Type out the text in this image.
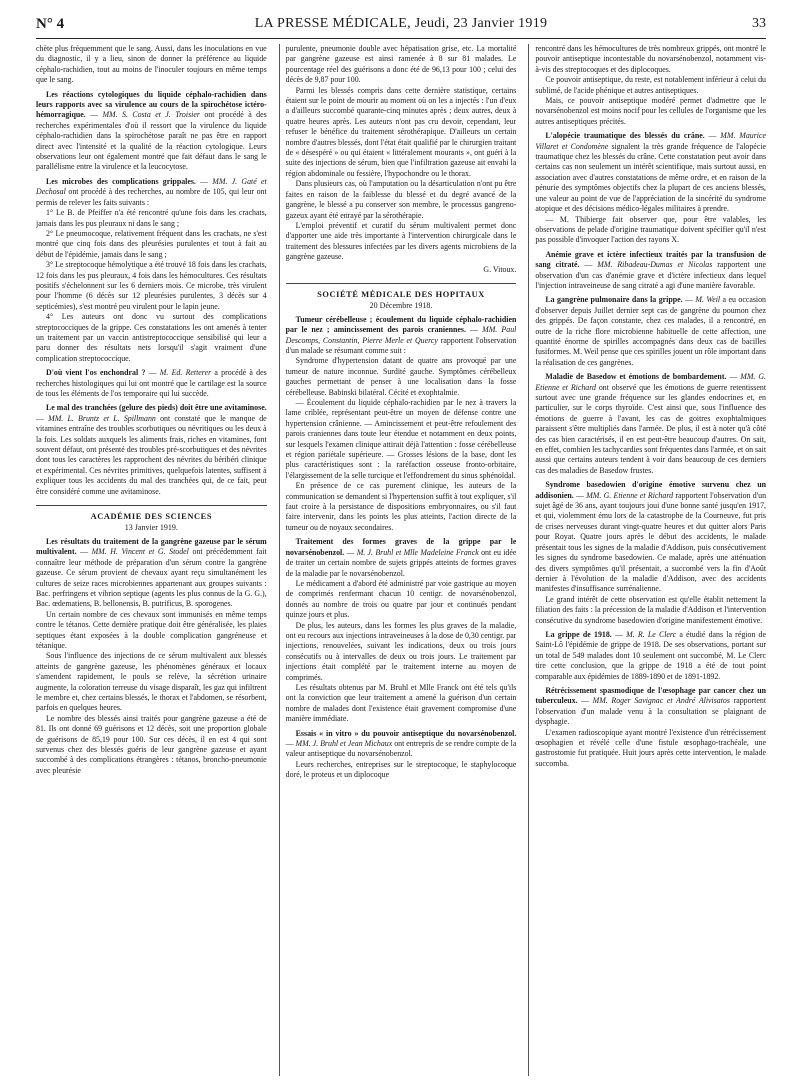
N° 4	LA PRESSE MÉDICALE, Jeudi, 23 Janvier 1919	33

chète plus fréquemment que le sang. Aussi, dans les inoculations en vue du diagnostic, il y a lieu, sinon de donner la préférence au liquide céphalo-rachidien, tout au moins de l'inoculer toujours en même temps que le sang.

Les réactions cytologiques du liquide céphalo-rachidien dans leurs rapports avec sa virulence au cours de la spirochétose ictéro-hémorragique. — MM. S. Costa et J. Troisier ont procédé à des recherches expérimentales d'où il ressort que la virulence du liquide céphalo-rachidien dans la spirochétose paraît ne pas être en rapport direct avec l'intensité et la qualité de la réaction cytologique. Leurs observations leur ont également montré que fait défaut dans le sang le parallélisme entre la virulence et la leucocytose.

Les microbes des complications grippales. — MM. J. Gaté et Dechosal ont procédé à des recherches, au nombre de 105, qui leur ont permis de relever les faits suivants :

1° Le B. de Pfeiffer n'a été rencontré qu'une fois dans les crachats, jamais dans les pus pleuraux ni dans le sang ;

2° Le pneumocoque, relativement fréquent dans les crachats, ne s'est montré que cinq fois dans des pleurésies purulentes et tout à fait au début de l'épidémie, jamais dans le sang ;

3° Le streptocoque hémolytique a été trouvé 18 fois dans les crachats, 12 fois dans les pus pleuraux, 4 fois dans les hémocultures. Ces résultats positifs s'échelonnent sur les 6 derniers mois. Ce microbe, très virulent pour l'homme (6 décès sur 12 pleurésies purulentes, 3 décès sur 4 septicémies), s'est montré peu virulent pour le lapin jeune.

4° Les auteurs ont donc vu surtout des complications streptococciques de la grippe. Ces constatations les ont amenés à tenter un traitement par un vaccin antistreptococcique sensibilisé qui leur a paru donner des résultats nets lorsqu'il s'agit vraiment d'une complication streptococcique.

D'où vient l'os enchondral ? — M. Ed. Retterer a procédé à des recherches histologiques qui lui ont montré que le cartilage est la source de tous les éléments de l'os temporaire qui lui succède.

Le mal des tranchées (gelure des pieds) doit être une avitaminose. — MM. L. Bruntz et L. Spillmann ont constaté que le manque de vitamines entraîne des troubles scorbutiques ou névritiques ou les deux à la fois. Les soldats auxquels les aliments frais, riches en vitamines, font souvent défaut, ont présenté des troubles pré-scorbutiques et des névrites dont tous les caractères les rapprochent des névrites du béribéri clinique et expérimental. Ces névrites primitives, quelquefois latentes, suffisent à expliquer tous les accidents du mal des tranchées qui, de ce fait, peut être considéré comme une avitaminose.

ACADÉMIE DES SCIENCES
13 Janvier 1919.

Les résultats du traitement de la gangrène gazeuse par le sérum multivalent. — MM. H. Vincent et G. Stodel ont précédemment fait connaître leur méthode de préparation d'un sérum contre la gangrène gazeuse. Ce sérum provient de chevaux ayant reçu simultanément les cultures de seize races microbiennes appartenant aux groupes suivants : Bac. perfringens et vibrion septique (agents les plus connus de la G. G.), Bac. œdematiens, B. bellonensis, B. putrificus, B. sporogenes.

Un certain nombre de ces chevaux sont immunisés en même temps contre le tétanos. Cette dernière pratique doit être généralisée, les plaies septiques étant exposées à la double complication gangréneuse et tétanique.

Sous l'influence des injections de ce sérum multivalent aux blessés atteints de gangrène gazeuse, les phénomènes généraux et locaux s'amendent rapidement, le pouls se relève, la sécrétion urinaire augmente, la coloration terreuse du visage disparaît, les gaz qui infiltrent le membre et, chez certains blessés, le thorax et l'abdomen, se résorbent, parfois en quelques heures.

Le nombre des blessés ainsi traités pour gangrène gazeuse a été de 81. Ils ont donné 69 guérisons et 12 décès, soit une proportion globale de guérisons de 85,19 pour 100. Sur ces décès, il en est 4 qui sont survenus chez des blessés guéris de leur gangrène gazeuse et ayant succombé à des complications étrangères : tétanos, broncho-pneumonie avec pleurésie

purulente, pneumonie double avec hépatisation grise, etc. La mortalité par gangrène gazeuse est ainsi ramenée à 8 sur 81 malades. Le pourcentage réel des guérisons a donc été de 96,13 pour 100 ; celui des décès de 9,87 pour 100.

Parmi les blessés compris dans cette dernière statistique, certains étaient sur le point de mourir au moment où on les a injectés : l'un d'eux a d'ailleurs succombé quarante-cinq minutes après ; deux autres, deux à quatre heures après. Les auteurs n'ont pas cru devoir, cependant, leur refuser le bénéfice du traitement sérothérapique. D'ailleurs un certain nombre d'autres blessés, dont l'état était qualifié par le chirurgien traitant de « désespéré » ou qui étaient « littéralement mourants », ont guéri à la suite des injections de sérum, bien que l'infiltration gazeuse ait envahi la région abdominale ou fessière, l'hypochondre ou le thorax.

Dans plusieurs cas, où l'amputation ou la désarticulation n'ont pu être faites en raison de la faiblesse du blessé et du degré avancé de la gangrène, le blessé a pu conserver son membre, le processus gangreno-gazeux ayant été enrayé par la sérothérapie.

L'emploi préventif et curatif du sérum multivalent permet donc d'apporter une aide très importante à l'intervention chirurgicale dans le traitement des blessures infectées par les divers agents microbiens de la gangrène gazeuse.

G. Vitoux.

SOCIÉTÉ MÉDICALE DES HOPITAUX
20 Décembre 1918.

Tumeur cérébelleuse ; écoulement du liquide céphalo-rachidien par le nez ; amincissement des parois craniennes. — MM. Paul Descomps, Constantin, Pierre Merle et Quercy rapportent l'observation d'un malade se résumant comme suit :

Syndrome d'hypertension datant de quatre ans provoqué par une tumeur de nature inconnue. Surdité gauche. Symptômes cérébelleux gauches permettant de penser à une localisation dans la fosse cérébelleuse. Babinski bilatéral. Cécité et exophtalmie.

— Écoulement du liquide céphalo-rachidien par le nez à travers la lame criblée, représentant peut-être un moyen de défense contre une hypertension crânienne. — Amincissement et peut-être refoulement des parois craniennes dans toute leur étendue et notamment en deux points, sur lesquels l'examen clinique attirait déjà l'attention : fosse cérébelleuse et région pariétale supérieure. — Grosses lésions de la base, dont les plus caractéristiques sont : la raréfaction osseuse fronto-orbitaire, l'élargissement de la selle turcique et l'effondrement du sinus sphénoïdal.

En présence de ce cas purement clinique, les auteurs de la communication se demandent si l'hypertension suffit à tout expliquer, s'il faut croire à la persistance de dispositions embryonnaires, ou s'il faut faire intervenir, dans les points les plus atteints, l'action directe de la tumeur ou de noyaux secondaires.

Traitement des formes graves de la grippe par le novarsénobenzol. — M. J. Bruhl et Mlle Madeleine Franck ont eu idée de traiter un certain nombre de sujets grippés atteints de formes graves de la maladie par le novarsénobenzol.

Le médicament a d'abord été administré par voie gastrique au moyen de comprimés renfermant chacun 10 centigr. de novarsénobenzol, donnés au nombre de trois ou quatre par jour et continués pendant quinze jours et plus.

De plus, les auteurs, dans les formes les plus graves de la maladie, ont eu recours aux injections intraveineuses à la dose de 0,30 centigr. par injections, renouvelées, suivant les indications, deux ou trois jours consécutifs ou à intervalles de deux ou trois jours. Le traitement par injections était complété par le traitement interne au moyen de comprimés.

Les résultats obtenus par M. Bruhl et Mlle Franck ont été tels qu'ils ont la conviction que leur traitement a amené la guérison d'un certain nombre de malades dont l'existence était gravement compromise d'une manière immédiate.

Essais « in vitro » du pouvoir antiseptique du novarsénobenzol. — MM. J. Bruhl et Jean Michaux ont entrepris de se rendre compte de la valeur antiseptique du novarsénobenzol.

Leurs recherches, entreprises sur le streptocoque, le staphylocoque doré, le proteus et un diplocoque

rencontré dans les hémocultures de très nombreux grippés, ont montré le pouvoir antiseptique incontestable du novarsénobenzol, notamment vis-à-vis des streptocoques et des diplocoques.

Ce pouvoir antiseptique, du reste, est notablement inférieur à celui du sublimé, de l'acide phénique et autres antiseptiques.

Mais, ce pouvoir antiseptique modéré permet d'admettre que le novarsénobenzol est moins nocif pour les cellules de l'organisme que les autres antiseptiques précités.

L'alopécie traumatique des blessés du crâne. — MM. Maurice Villaret et Condomène signalent la très grande fréquence de l'alopécie traumatique chez les blessés du crâne. Cette constatation peut avoir dans certains cas non seulement un intérêt scientifique, mais surtout aussi, en association avec d'autres constatations de même ordre, et en raison de la pénurie des symptômes objectifs chez la plupart de ces anciens blessés, une valeur au point de vue de l'appréciation de la sincérité du syndrome atopique et des décisions médico-légales militaires à prendre.

— M. Thibierge fait observer que, pour être valables, les observations de pelade d'origine traumatique doivent spécifier qu'il n'est pas possible d'invoquer l'action des rayons X.

Anémie grave et ictère infectieux traités par la transfusion de sang citraté. — MM. Ribadeau-Dumas et Nicolas rapportent une observation d'un cas d'anémie grave et d'ictère infectieux dans lequel l'injection intraveineuse de sang citraté a agi d'une manière favorable.

La gangrène pulmonaire dans la grippe. — M. Weil a eu occasion d'observer depuis Juillet dernier sept cas de gangrène du poumon chez des grippés. De façon constante, chez ces malades, il a rencontré, en outre de la riche flore microbienne habituelle de cette affection, une quantité énorme de spirilles accompagnés dans deux cas de bacilles fusiformes. M. Weil pense que ces spirilles jouent un rôle important dans la réalisation de ces gangrènes.

Maladie de Basedow et émotions de bombardement. — MM. G. Etienne et Richard ont observé que les émotions de guerre retentissent surtout avec une grande fréquence sur les glandes endocrines et, en particulier, sur le corps thyroïde. C'est ainsi que, sous l'influence des émotions de guerre à l'avant, les cas de goitres exophtalmiques paraissent s'être multipliés dans l'armée. De plus, il est à noter qu'à côté des cas bien caractérisés, il en est peut-être beaucoup d'autres. On sait, en effet, combien les tachycardies sont fréquentes dans l'armée, et on sait aussi que certains auteurs tendent à voir dans beaucoup de ces derniers cas des maladies de Basedow frustes.

Syndrome basedowien d'origine émotive survenu chez un addisonien. — MM. G. Etienne et Richard rapportent l'observation d'un sujet âgé de 36 ans, ayant toujours joui d'une bonne santé jusqu'en 1917, et qui, violemment ému lors de la catastrophe de la Courneuve, fut pris de crises nerveuses durant vingt-quatre heures et dut quitter alors Paris pour Royat. Quatre jours après le début des accidents, le malade présentait tous les signes de la maladie d'Addison, puis consécutivement les signes du syndrome basedowien. Ce malade, après une atténuation des divers symptômes qu'il présentait, a succombé vers la fin d'Août dernier à l'évolution de la maladie d'Addison, avec des accidents manifestes d'insuffisance surrénalienne.

Le grand intérêt de cette observation est qu'elle établit nettement la filiation des faits : la précession de la maladie d'Addison et l'intervention consécutive du syndrome basedowien d'origine manifestement émotive.

La grippe de 1918. — M. R. Le Clerc a étudié dans la région de Saint-Lô l'épidémie de grippe de 1918. De ses observations, portant sur un total de 549 malades dont 10 seulement ont succombé, M. Le Clerc tire cette conclusion, que la grippe de 1918 a été de tout point comparable aux épidémies de 1889-1890 et de 1891-1892.

Rétrécissement spasmodique de l'œsophage par cancer chez un tuberculeux. — MM. Roger Savignac et André Alivisatos rapportent l'observation d'un malade venu à la consultation se plaignant de dysphagie.

L'examen radioscopique ayant montré l'existence d'un rétrécissement œsophagien et révélé celle d'une fistule œsophago-trachéale, une gastrostomie fut pratiquée. Huit jours après cette intervention, le malade succomba.
